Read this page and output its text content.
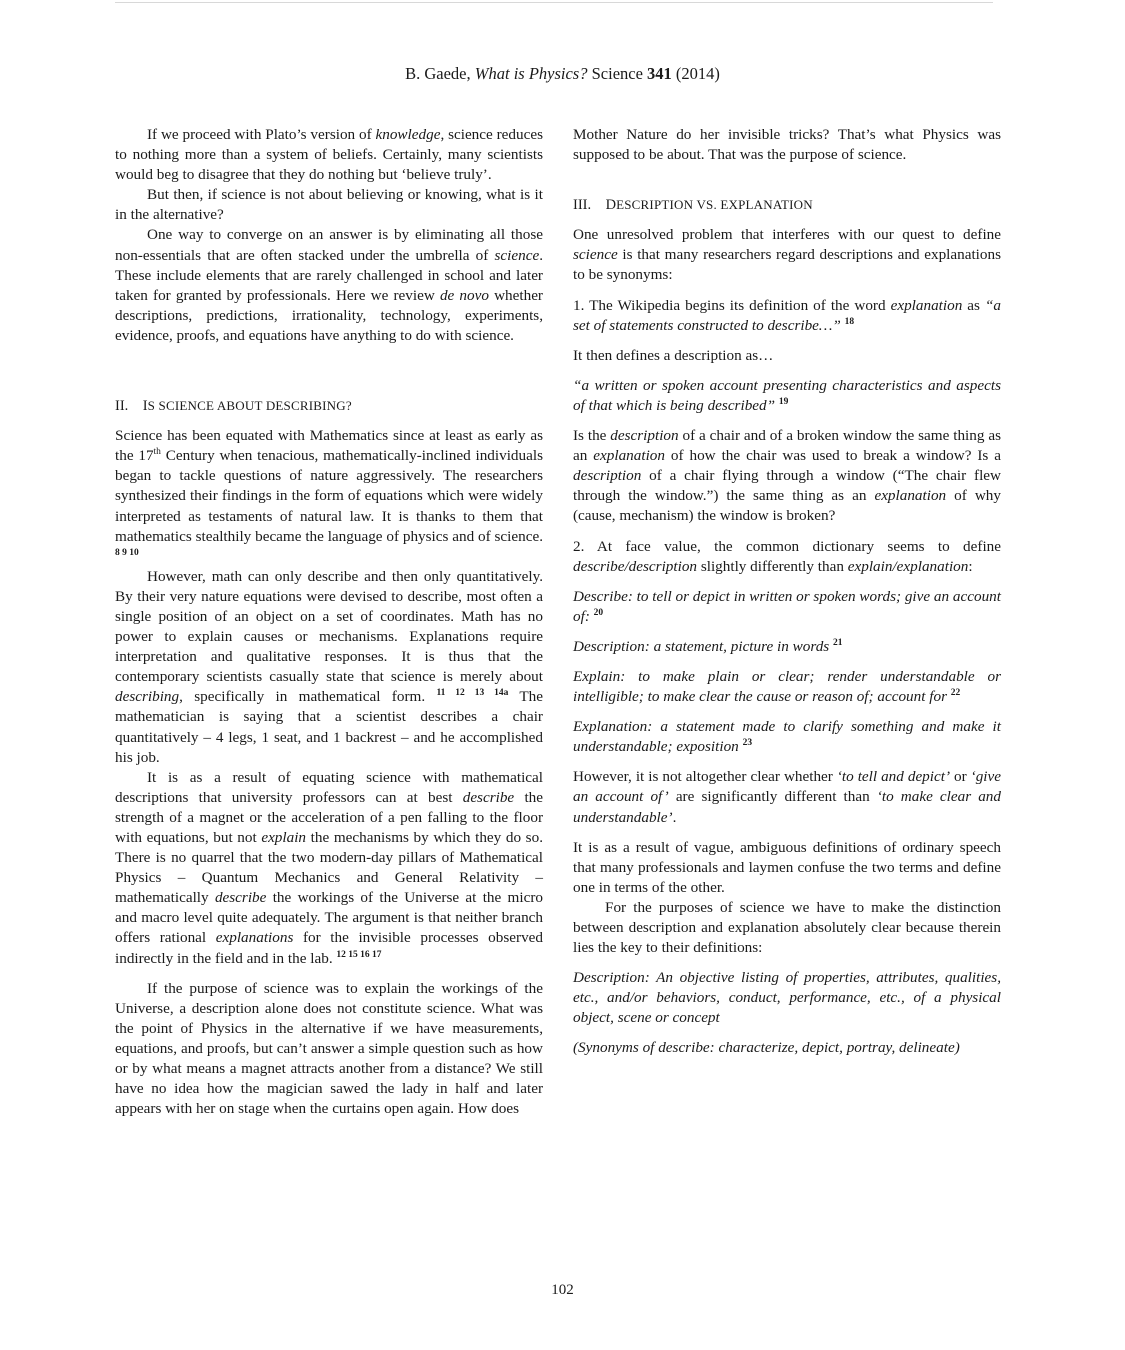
B. Gaede, What is Physics? Science 341 (2014)

If we proceed with Plato’s version of knowledge, science reduces to nothing more than a system of beliefs. Certainly, many scientists would beg to disagree that they do nothing but ‘believe truly’.

But then, if science is not about believing or knowing, what is it in the alternative?

One way to converge on an answer is by eliminating all those non-essentials that are often stacked under the umbrella of science. These include elements that are rarely challenged in school and later taken for granted by professionals. Here we review de novo whether descriptions, predictions, irrationality, technology, experiments, evidence, proofs, and equations have anything to do with science.

II. IS SCIENCE ABOUT DESCRIBING?

Science has been equated with Mathematics since at least as early as the 17th Century when tenacious, mathematically-inclined individuals began to tackle questions of nature aggressively. The researchers synthesized their findings in the form of equations which were widely interpreted as testaments of natural law. It is thanks to them that mathematics stealthily became the language of physics and of science. $^{8 9 10}$

However, math can only describe and then only quantitatively. By their very nature equations were devised to describe, most often a single position of an object on a set of coordinates. Math has no power to explain causes or mechanisms. Explanations require interpretation and qualitative responses. It is thus that the contemporary scientists casually state that science is merely about describing, specifically in mathematical form. $^{11 12 13 14a}$ The mathematician is saying that a scientist describes a chair quantitatively – 4 legs, 1 seat, and 1 backrest – and he accomplished his job.

It is as a result of equating science with mathematical descriptions that university professors can at best describe the strength of a magnet or the acceleration of a pen falling to the floor with equations, but not explain the mechanisms by which they do so. There is no quarrel that the two modern-day pillars of Mathematical Physics – Quantum Mechanics and General Relativity – mathematically describe the workings of the Universe at the micro and macro level quite adequately. The argument is that neither branch offers rational explanations for the invisible processes observed indirectly in the field and in the lab. $^{12 15 16 17}$

If the purpose of science was to explain the workings of the Universe, a description alone does not constitute science. What was the point of Physics in the alternative if we have measurements, equations, and proofs, but can’t answer a simple question such as how or by what means a magnet attracts another from a distance? We still have no idea how the magician sawed the lady in half and later appears with her on stage when the curtains open again. How does

Mother Nature do her invisible tricks? That’s what Physics was supposed to be about. That was the purpose of science.

III. DESCRIPTION VS. EXPLANATION

One unresolved problem that interferes with our quest to define science is that many researchers regard descriptions and explanations to be synonyms:

1. The Wikipedia begins its definition of the word explanation as “a set of statements constructed to describe…” $^{18}$

It then defines a description as…

“a written or spoken account presenting characteristics and aspects of that which is being described” $^{19}$

Is the description of a chair and of a broken window the same thing as an explanation of how the chair was used to break a window? Is a description of a chair flying through a window (“The chair flew through the window.”) the same thing as an explanation of why (cause, mechanism) the window is broken?

2. At face value, the common dictionary seems to define describe/description slightly differently than explain/explanation:

Describe: to tell or depict in written or spoken words; give an account of: $^{20}$

Description: a statement, picture in words $^{21}$

Explain: to make plain or clear; render understandable or intelligible; to make clear the cause or reason of; account for $^{22}$

Explanation: a statement made to clarify something and make it understandable; exposition $^{23}$

However, it is not altogether clear whether ‘to tell and depict’ or ‘give an account of’ are significantly different than ‘to make clear and understandable’.

It is as a result of vague, ambiguous definitions of ordinary speech that many professionals and laymen confuse the two terms and define one in terms of the other.

For the purposes of science we have to make the distinction between description and explanation absolutely clear because therein lies the key to their definitions:

Description: An objective listing of properties, attributes, qualities, etc., and/or behaviors, conduct, performance, etc., of a physical object, scene or concept

(Synonyms of describe: characterize, depict, portray, delineate)

102
